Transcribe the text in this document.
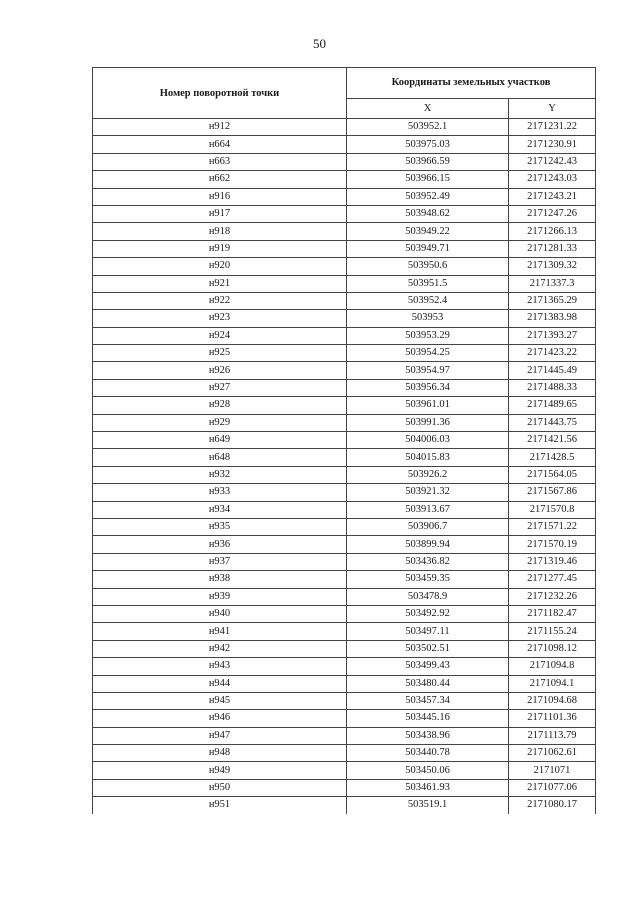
50
Номер поворотной точки	Координаты земельных участков	
	X	Y
н912	503952.1	2171231.22
н664	503975.03	2171230.91
н663	503966.59	2171242.43
н662	503966.15	2171243.03
н916	503952.49	2171243.21
н917	503948.62	2171247.26
н918	503949.22	2171266.13
н919	503949.71	2171281.33
н920	503950.6	2171309.32
н921	503951.5	2171337.3
н922	503952.4	2171365.29
н923	503953	2171383.98
н924	503953.29	2171393.27
н925	503954.25	2171423.22
н926	503954.97	2171445.49
н927	503956.34	2171488.33
н928	503961.01	2171489.65
н929	503991.36	2171443.75
н649	504006.03	2171421.56
н648	504015.83	2171428.5
н932	503926.2	2171564.05
н933	503921.32	2171567.86
н934	503913.67	2171570.8
н935	503906.7	2171571.22
н936	503899.94	2171570.19
н937	503436.82	2171319.46
н938	503459.35	2171277.45
н939	503478.9	2171232.26
н940	503492.92	2171182.47
н941	503497.11	2171155.24
н942	503502.51	2171098.12
н943	503499.43	2171094.8
н944	503480.44	2171094.1
н945	503457.34	2171094.68
н946	503445.16	2171101.36
н947	503438.96	2171113.79
н948	503440.78	2171062.61
н949	503450.06	2171071
н950	503461.93	2171077.06
н951	503519.1	2171080.17
